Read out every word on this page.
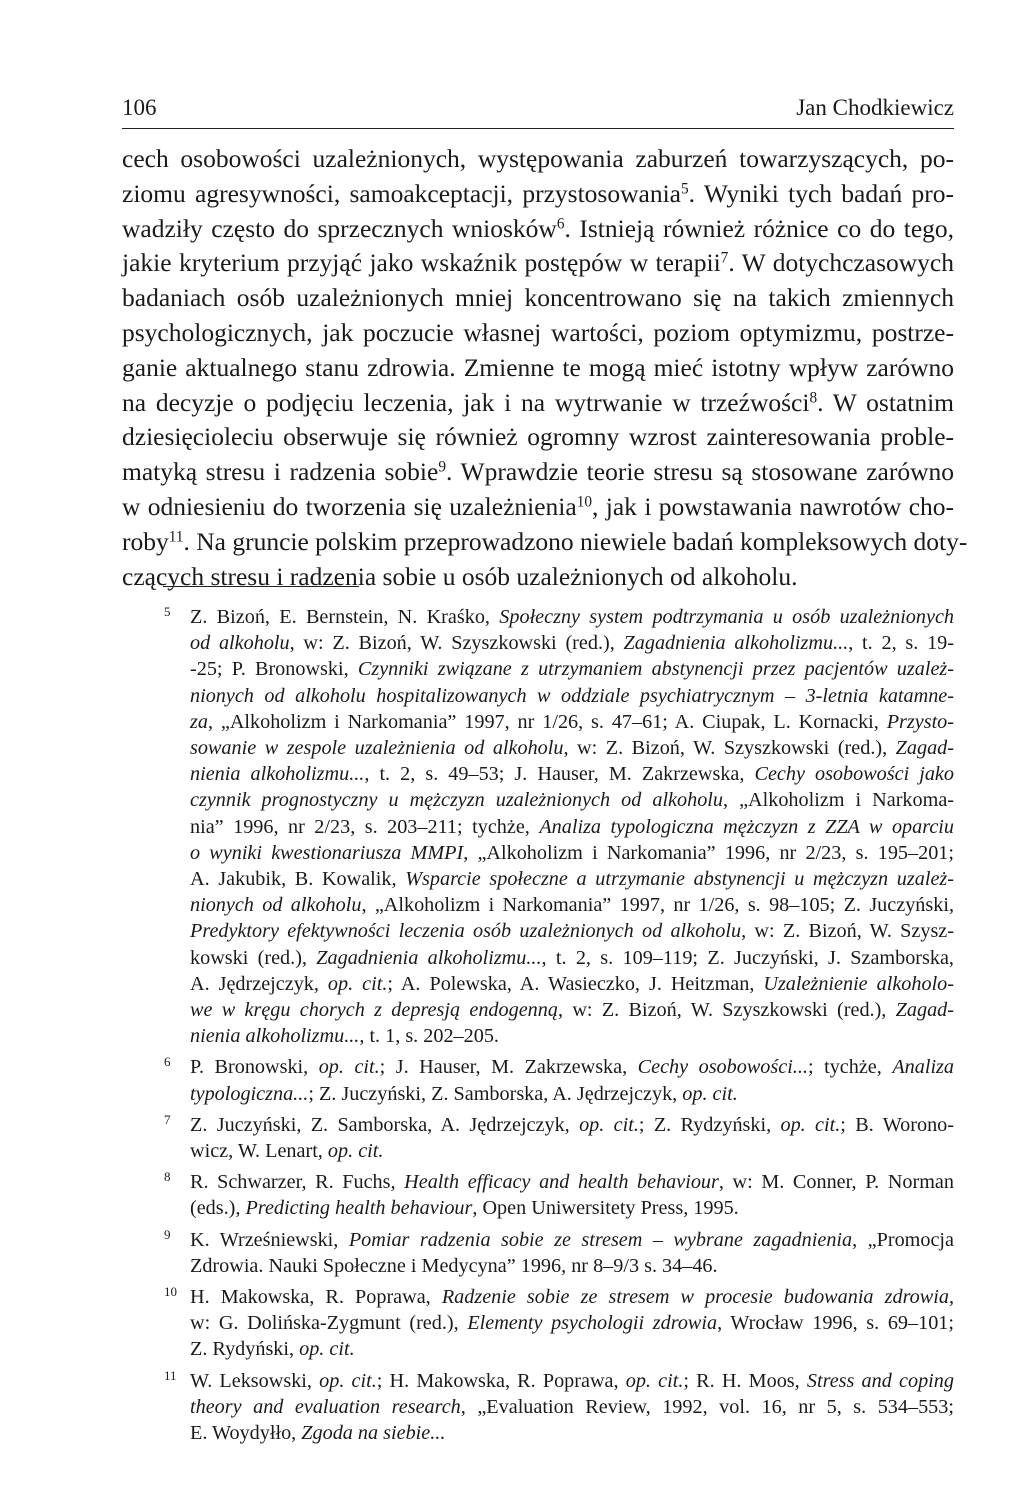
106	Jan Chodkiewicz
cech osobowości uzależnionych, występowania zaburzeń towarzyszących, po-
ziomu agresywności, samoakceptacji, przystosowania$^5$. Wyniki tych badań pro-
wadziły często do sprzecznych wniosków$^6$. Istnieją również różnice co do tego,
jakie kryterium przyjąć jako wskaźnik postępów w terapii$^7$. W dotychczasowych
badaniach osób uzależnionych mniej koncentrowano się na takich zmiennych
psychologicznych, jak poczucie własnej wartości, poziom optymizmu, postrze-
ganie aktualnego stanu zdrowia. Zmienne te mogą mieć istotny wpływ zarówno
na decyzje o podjęciu leczenia, jak i na wytrwanie w trzeźwości$^8$. W ostatnim
dziesięcioleciu obserwuje się również ogromny wzrost zainteresowania proble-
matyką stresu i radzenia sobie$^9$. Wprawdzie teorie stresu są stosowane zarówno
w odniesieniu do tworzenia się uzależnienia$^{10}$, jak i powstawania nawrotów cho-
roby$^{11}$. Na gruncie polskim przeprowadzono niewiele badań kompleksowych doty-
czących stresu i radzenia sobie u osób uzależnionych od alkoholu.
5 Z. Bizoń, E. Bernstein, N. Kraśko, Społeczny system podtrzymania u osób uzależnionych
od alkoholu, w: Z. Bizoń, W. Szyszkowski (red.), Zagadnienia alkoholizmu..., t. 2, s. 19-
-25; P. Bronowski, Czynniki związane z utrzymaniem abstynencji przez pacjentów uzależ-
nionych od alkoholu hospitalizowanych w oddziale psychiatrycznym – 3-letnia katamne-
za, „Alkoholizm i Narkomania” 1997, nr 1/26, s. 47–61; A. Ciupak, L. Kornacki, Przysto-
sowanie w zespole uzależnienia od alkoholu, w: Z. Bizoń, W. Szyszkowski (red.), Zagad-
nienia alkoholizmu..., t. 2, s. 49–53; J. Hauser, M. Zakrzewska, Cechy osobowości jako
czynnik prognostyczny u mężczyzn uzależnionych od alkoholu, „Alkoholizm i Narkoma-
nia” 1996, nr 2/23, s. 203–211; tychże, Analiza typologiczna mężczyzn z ZZA w oparciu
o wyniki kwestionariusza MMPI, „Alkoholizm i Narkomania” 1996, nr 2/23, s. 195–201;
A. Jakubik, B. Kowalik, Wsparcie społeczne a utrzymanie abstynencji u mężczyzn uzależ-
nionych od alkoholu, „Alkoholizm i Narkomania” 1997, nr 1/26, s. 98–105; Z. Juczyński,
Predyktory efektywności leczenia osób uzależnionych od alkoholu, w: Z. Bizoń, W. Szysz-
kowski (red.), Zagadnienia alkoholizmu..., t. 2, s. 109–119; Z. Juczyński, J. Szamborska,
A. Jędrzejczyk, op. cit.; A. Polewska, A. Wasieczko, J. Heitzman, Uzależnienie alkoholo-
we w kręgu chorych z depresją endogenną, w: Z. Bizoń, W. Szyszkowski (red.), Zagad-
nienia alkoholizmu..., t. 1, s. 202–205.
6 P. Bronowski, op. cit.; J. Hauser, M. Zakrzewska, Cechy osobowości...; tychże, Analiza
typologiczna...; Z. Juczyński, Z. Samborska, A. Jędrzejczyk, op. cit.
7 Z. Juczyński, Z. Samborska, A. Jędrzejczyk, op. cit.; Z. Rydzyński, op. cit.; B. Worono-
wicz, W. Lenart, op. cit.
8 R. Schwarzer, R. Fuchs, Health efficacy and health behaviour, w: M. Conner, P. Norman
(eds.), Predicting health behaviour, Open Uniwersitety Press, 1995.
9 K. Wrześniewski, Pomiar radzenia sobie ze stresem – wybrane zagadnienia, „Promocja
Zdrowia. Nauki Społeczne i Medycyna” 1996, nr 8–9/3 s. 34–46.
10 H. Makowska, R. Poprawa, Radzenie sobie ze stresem w procesie budowania zdrowia,
w: G. Dolińska-Zygmunt (red.), Elementy psychologii zdrowia, Wrocław 1996, s. 69–101;
Z. Rydyński, op. cit.
11 W. Leksowski, op. cit.; H. Makowska, R. Poprawa, op. cit.; R. H. Moos, Stress and coping
theory and evaluation research, „Evaluation Review, 1992, vol. 16, nr 5, s. 534–553;
E. Woydyłło, Zgoda na siebie...
